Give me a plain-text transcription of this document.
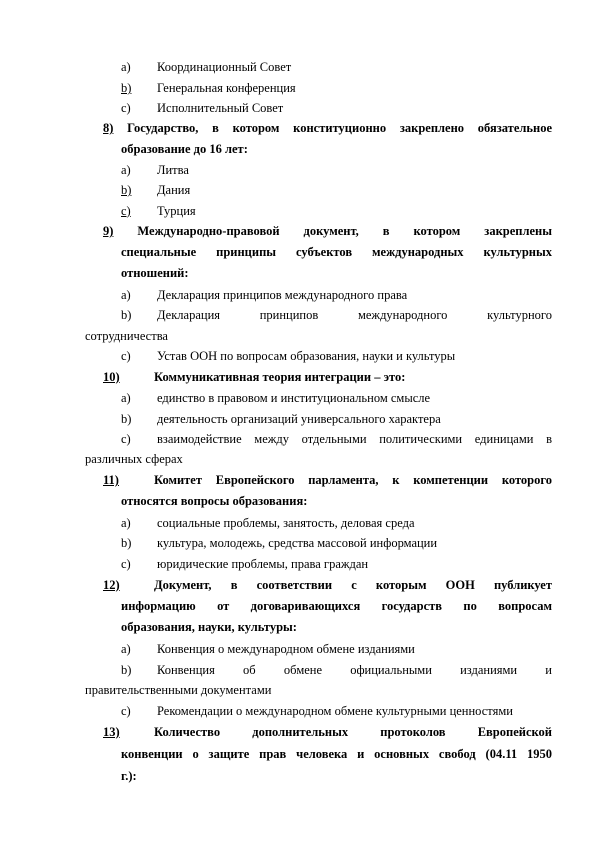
a) Координационный Совет
b) Генеральная конференция
c) Исполнительный Совет
8) Государство, в котором конституционно закреплено обязательное
образование до 16 лет:
a) Литва
b) Дания
c) Турция
9) Международно-правовой документ, в котором закреплены
специальные принципы субъектов международных культурных
отношений:
a) Декларация принципов международного права
b) Декларация принципов международного культурного
сотрудничества
c) Устав ООН по вопросам образования, науки и культуры
10)	Коммуникативная теория интеграции – это:
a) единство в правовом и институциональном смысле
b) деятельность организаций универсального характера
c) взаимодействие между отдельными политическими единицами в
различных сферах
11)	Комитет Европейского парламента, к компетенции которого
относятся вопросы образования:
a) социальные проблемы, занятость, деловая среда
b) культура, молодежь, средства массовой информации
c) юридические проблемы, права граждан
12)	Документ, в соответствии с которым ООН публикует
информацию от договаривающихся государств по вопросам
образования, науки, культуры:
a) Конвенция о международном обмене изданиями
b) Конвенция об обмене официальными изданиями и
правительственными документами
c) Рекомендации о международном обмене культурными ценностями
13)	Количество дополнительных протоколов Европейской
конвенции о защите прав человека и основных свобод (04.11 1950
г.):
